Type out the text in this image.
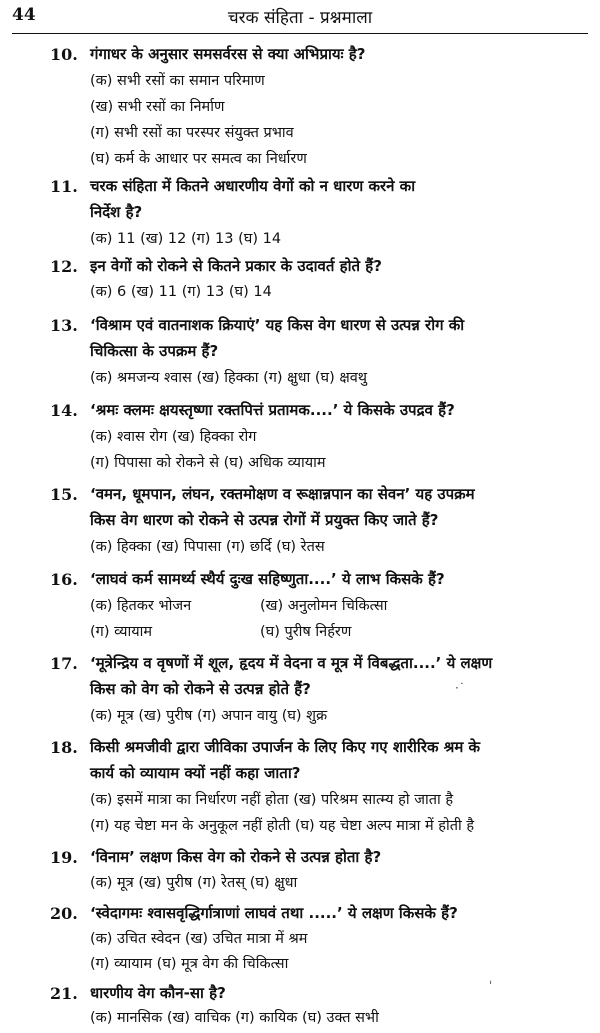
44	चरक संहिता - प्रश्नमाला
10. गंगाधर के अनुसार समसर्वरस से क्या अभिप्रायः है?
(क) सभी रसों का समान परिमाण
(ख) सभी रसों का निर्माण
(ग) सभी रसों का परस्पर संयुक्त प्रभाव
(घ) कर्म के आधार पर समत्व का निर्धारण
11. चरक संहिता में कितने अधारणीय वेगों को न धारण करने का
निर्देश है?
(क) 11 (ख) 12 (ग) 13 (घ) 14
12. इन वेगों को रोकने से कितने प्रकार के उदावर्त होते हैं?
(क) 6 (ख) 11 (ग) 13 (घ) 14
13. ‘विश्राम एवं वातनाशक क्रियाएं’ यह किस वेग धारण से उत्पन्न रोग की
चिकित्सा के उपक्रम हैं?
(क) श्रमजन्य श्वास (ख) हिक्का (ग) क्षुधा (घ) क्षवथु
14. ‘श्रमः क्लमः क्षयस्तृष्णा रक्तपित्तं प्रतामक....’ ये किसके उपद्रव हैं?
(क) श्वास रोग (ख) हिक्का रोग
(ग) पिपासा को रोकने से (घ) अधिक व्यायाम
15. ‘वमन, धूमपान, लंघन, रक्तमोक्षण व रूक्षान्नपान का सेवन’ यह उपक्रम
किस वेग धारण को रोकने से उत्पन्न रोगों में प्रयुक्त किए जाते हैं?
(क) हिक्का (ख) पिपासा (ग) छर्दि (घ) रेतस
16. ‘लाघवं कर्म सामर्थ्य स्थैर्य दुःख सहिष्णुता....’ ये लाभ किसके हैं?
(क) हितकर भोजन	(ख) अनुलोमन चिकित्सा
(ग) व्यायाम	(घ) पुरीष निर्हरण
17. ‘मूत्रेन्द्रिय व वृषणों में शूल, हृदय में वेदना व मूत्र में विबद्धता....’ ये लक्षण
किस को वेग को रोकने से उत्पन्न होते हैं?
(क) मूत्र (ख) पुरीष (ग) अपान वायु (घ) शुक्र
·˙
18. किसी श्रमजीवी द्वारा जीविका उपार्जन के लिए किए गए शारीरिक श्रम के
कार्य को व्यायाम क्यों नहीं कहा जाता?
(क) इसमें मात्रा का निर्धारण नहीं होता (ख) परिश्रम सात्म्य हो जाता है
(ग) यह चेष्टा मन के अनुकूल नहीं होती (घ) यह चेष्टा अल्प मात्रा में होती है
19. ‘विनाम’ लक्षण किस वेग को रोकने से उत्पन्न होता है?
(क) मूत्र (ख) पुरीष (ग) रेतस् (घ) क्षुधा
20. ‘स्वेदागमः श्वासवृद्धिर्गात्राणां लाघवं तथा .....’ ये लक्षण किसके हैं?
(क) उचित स्वेदन (ख) उचित मात्रा में श्रम
(ग) व्यायाम (घ) मूत्र वेग की चिकित्सा
21. धारणीय वेग कौन-सा है?
(क) मानसिक (ख) वाचिक (ग) कायिक (घ) उक्त सभी
ˌ
